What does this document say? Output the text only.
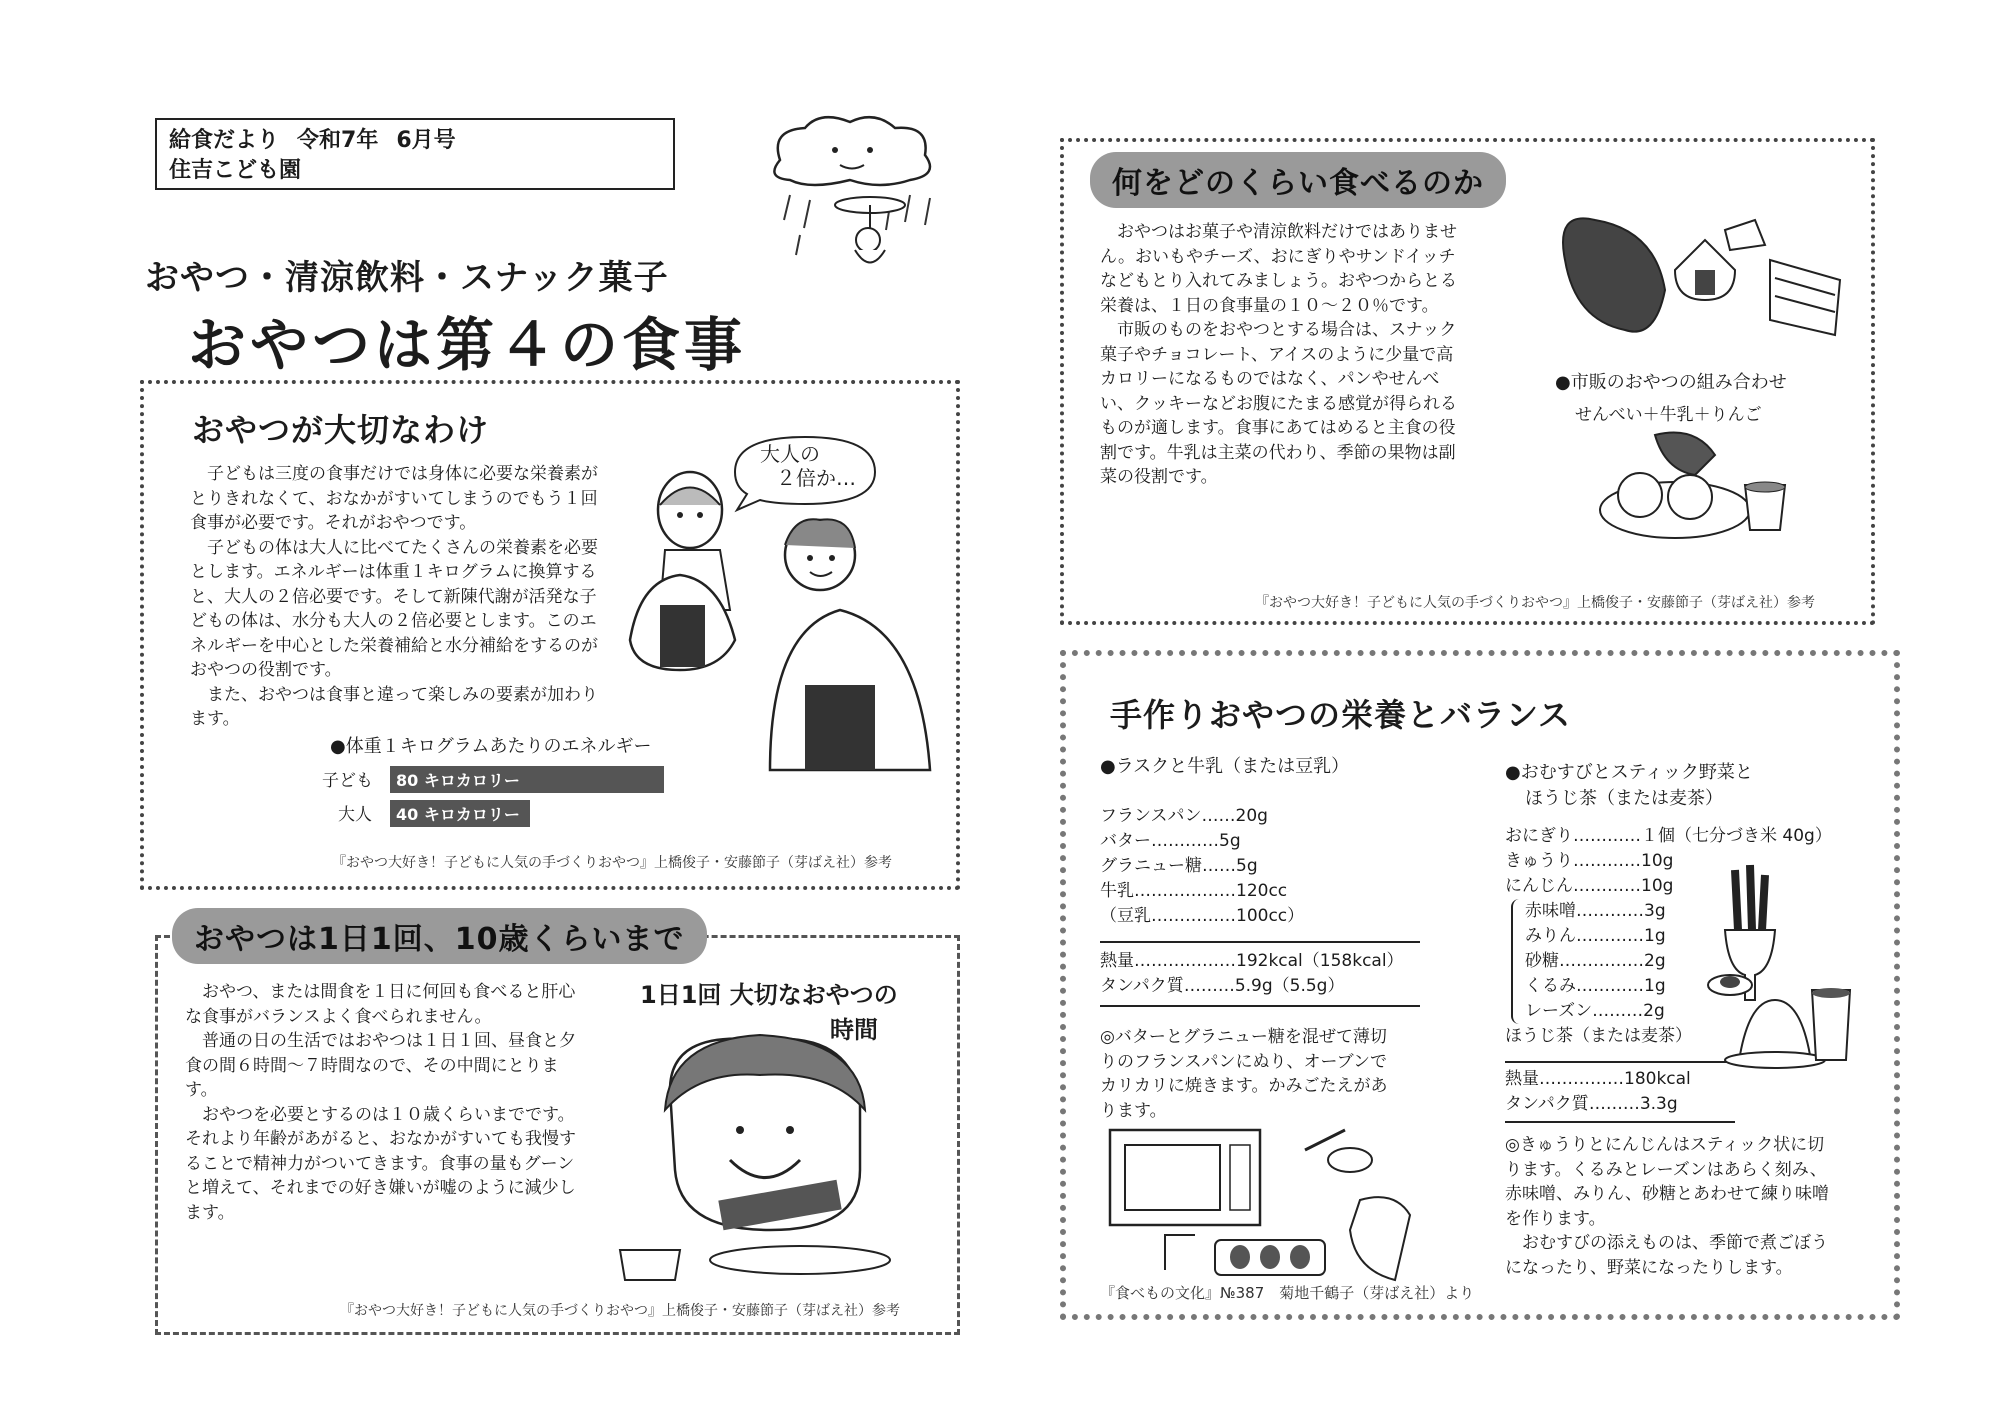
給食だより 令和7年 6月号
住吉こども園
おやつ・清涼飲料・スナック菓子
おやつは第４の食事
おやつが大切なわけ

子どもは三度の食事だけでは身体に必要な栄養素がとりきれなくて、おなかがすいてしまうのでもう１回食事が必要です。それがおやつです。

子どもの体は大人に比べてたくさんの栄養素を必要とします。エネルギーは体重１キログラムに換算すると、大人の２倍必要です。そして新陳代謝が活発な子どもの体は、水分も大人の２倍必要とします。このエネルギーを中心とした栄養補給と水分補給をするのがおやつの役割です。

また、おやつは食事と違って楽しみの要素が加わります。

大人の
２倍か…
●体重１キログラムあたりのエネルギー
子ども 80 キロカロリー
大人 40 キロカロリー
『おやつ大好き！子どもに人気の手づくりおやつ』上橋俊子・安藤節子（芽ばえ社）参考
おやつは1日1回、10歳くらいまで

おやつ、または間食を１日に何回も食べると肝心な食事がバランスよく食べられません。

普通の日の生活ではおやつは１日１回、昼食と夕食の間６時間〜７時間なので、その中間にとります。

おやつを必要とするのは１０歳くらいまでです。それより年齢があがると、おなかがすいても我慢することで精神力がついてきます。食事の量もグーンと増えて、それまでの好き嫌いが嘘のように減少します。

1日1回 大切なおやつの
時間
『おやつ大好き！子どもに人気の手づくりおやつ』上橋俊子・安藤節子（芽ばえ社）参考
何をどのくらい食べるのか

おやつはお菓子や清涼飲料だけではありません。おいもやチーズ、おにぎりやサンドイッチなどもとり入れてみましょう。おやつからとる栄養は、１日の食事量の１０〜２０％です。

市販のものをおやつとする場合は、スナック菓子やチョコレート、アイスのように少量で高カロリーになるものではなく、パンやせんべい、クッキーなどお腹にたまる感覚が得られるものが適します。食事にあてはめると主食の役割です。牛乳は主菜の代わり、季節の果物は副菜の役割です。

●市販のおやつの組み合わせ
せんべい＋牛乳＋りんご
『おやつ大好き！子どもに人気の手づくりおやつ』上橋俊子・安藤節子（芽ばえ社）参考
手作りおやつの栄養とバランス
●ラスクと牛乳（または豆乳）
フランスパン……20g
バター…………5g
グラニュー糖……5g
牛乳………………120cc
（豆乳……………100cc）
熱量………………192kcal（158kcal）
タンパク質………5.9g（5.5g）

◎バターとグラニュー糖を混ぜて薄切りのフランスパンにぬり、オーブンでカリカリに焼きます。かみごたえがあります。

『食べもの文化』№387　菊地千鶴子（芽ばえ社）より
●おむすびとスティック野菜と
ほうじ茶（または麦茶）
おにぎり…………１個（七分づき米 40g）
きゅうり…………10g
にんじん…………10g
赤味噌…………3g
みりん…………1g
砂糖……………2g
くるみ…………1g
レーズン………2g
ほうじ茶（または麦茶）
熱量……………180kcal
タンパク質………3.3g

◎きゅうりとにんじんはスティック状に切ります。くるみとレーズンはあらく刻み、赤味噌、みりん、砂糖とあわせて練り味噌を作ります。

おむすびの添えものは、季節で煮ごぼうになったり、野菜になったりします。
